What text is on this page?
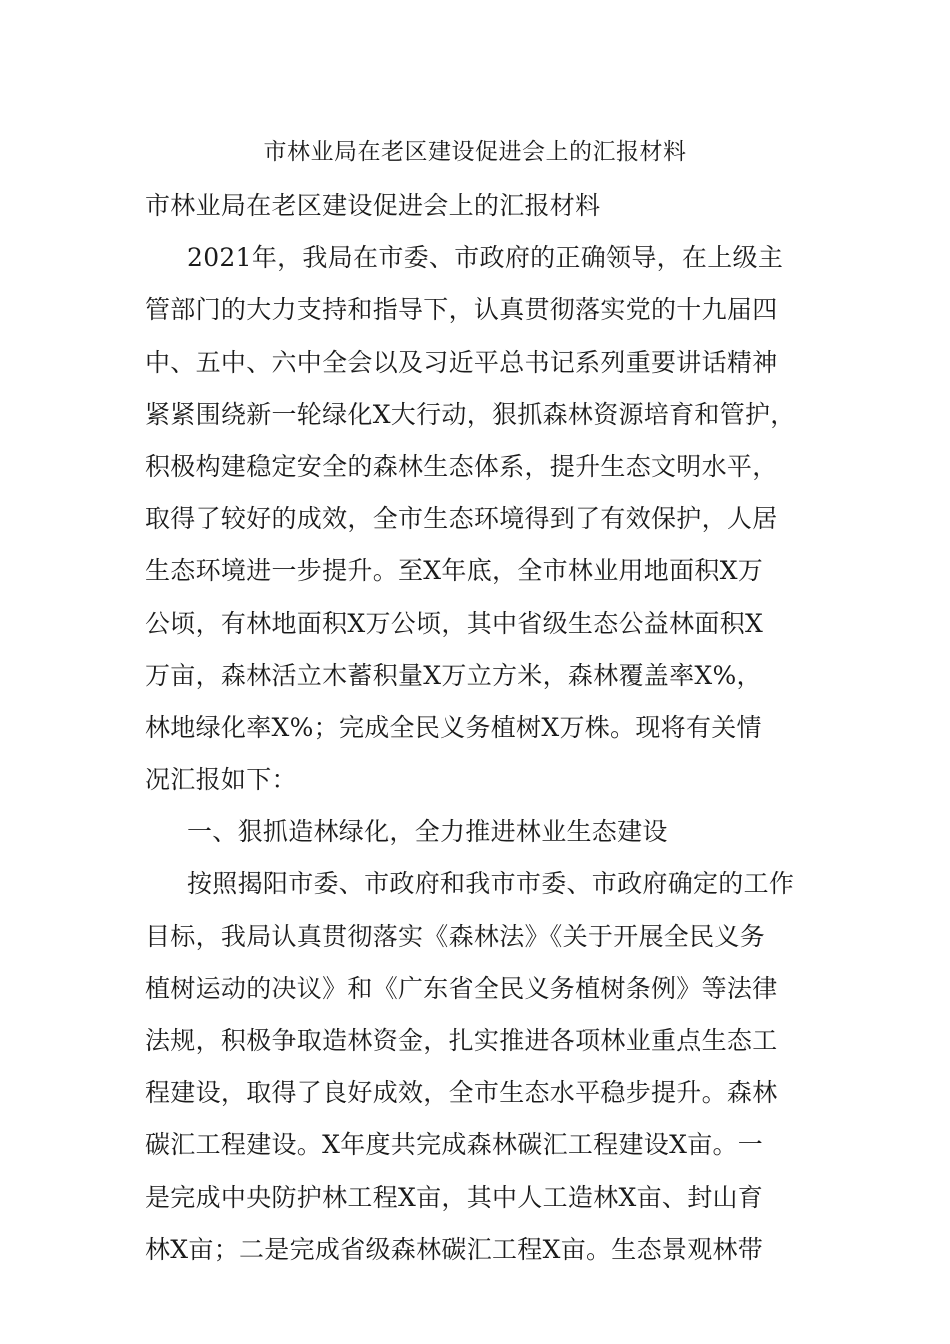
市林业局在老区建设促进会上的汇报材料
市林业局在老区建设促进会上的汇报材料
2021年，我局在市委、市政府的正确领导，在上级主
管部门的大力支持和指导下，认真贯彻落实党的十九届四
中、五中、六中全会以及习近平总书记系列重要讲话精神
紧紧围绕新一轮绿化X大行动，狠抓森林资源培育和管护，
积极构建稳定安全的森林生态体系，提升生态文明水平，
取得了较好的成效，全市生态环境得到了有效保护，人居
生态环境进一步提升。至X年底，全市林业用地面积X万
公顷，有林地面积X万公顷，其中省级生态公益林面积X
万亩，森林活立木蓄积量X万立方米，森林覆盖率X%，
林地绿化率X%；完成全民义务植树X万株。现将有关情
况汇报如下：
一、狠抓造林绿化，全力推进林业生态建设
按照揭阳市委、市政府和我市市委、市政府确定的工作
目标，我局认真贯彻落实《森林法》《关于开展全民义务
植树运动的决议》和《广东省全民义务植树条例》等法律
法规，积极争取造林资金，扎实推进各项林业重点生态工
程建设，取得了良好成效，全市生态水平稳步提升。森林
碳汇工程建设。X年度共完成森林碳汇工程建设X亩。一
是完成中央防护林工程X亩，其中人工造林X亩、封山育
林X亩；二是完成省级森林碳汇工程X亩。生态景观林带
